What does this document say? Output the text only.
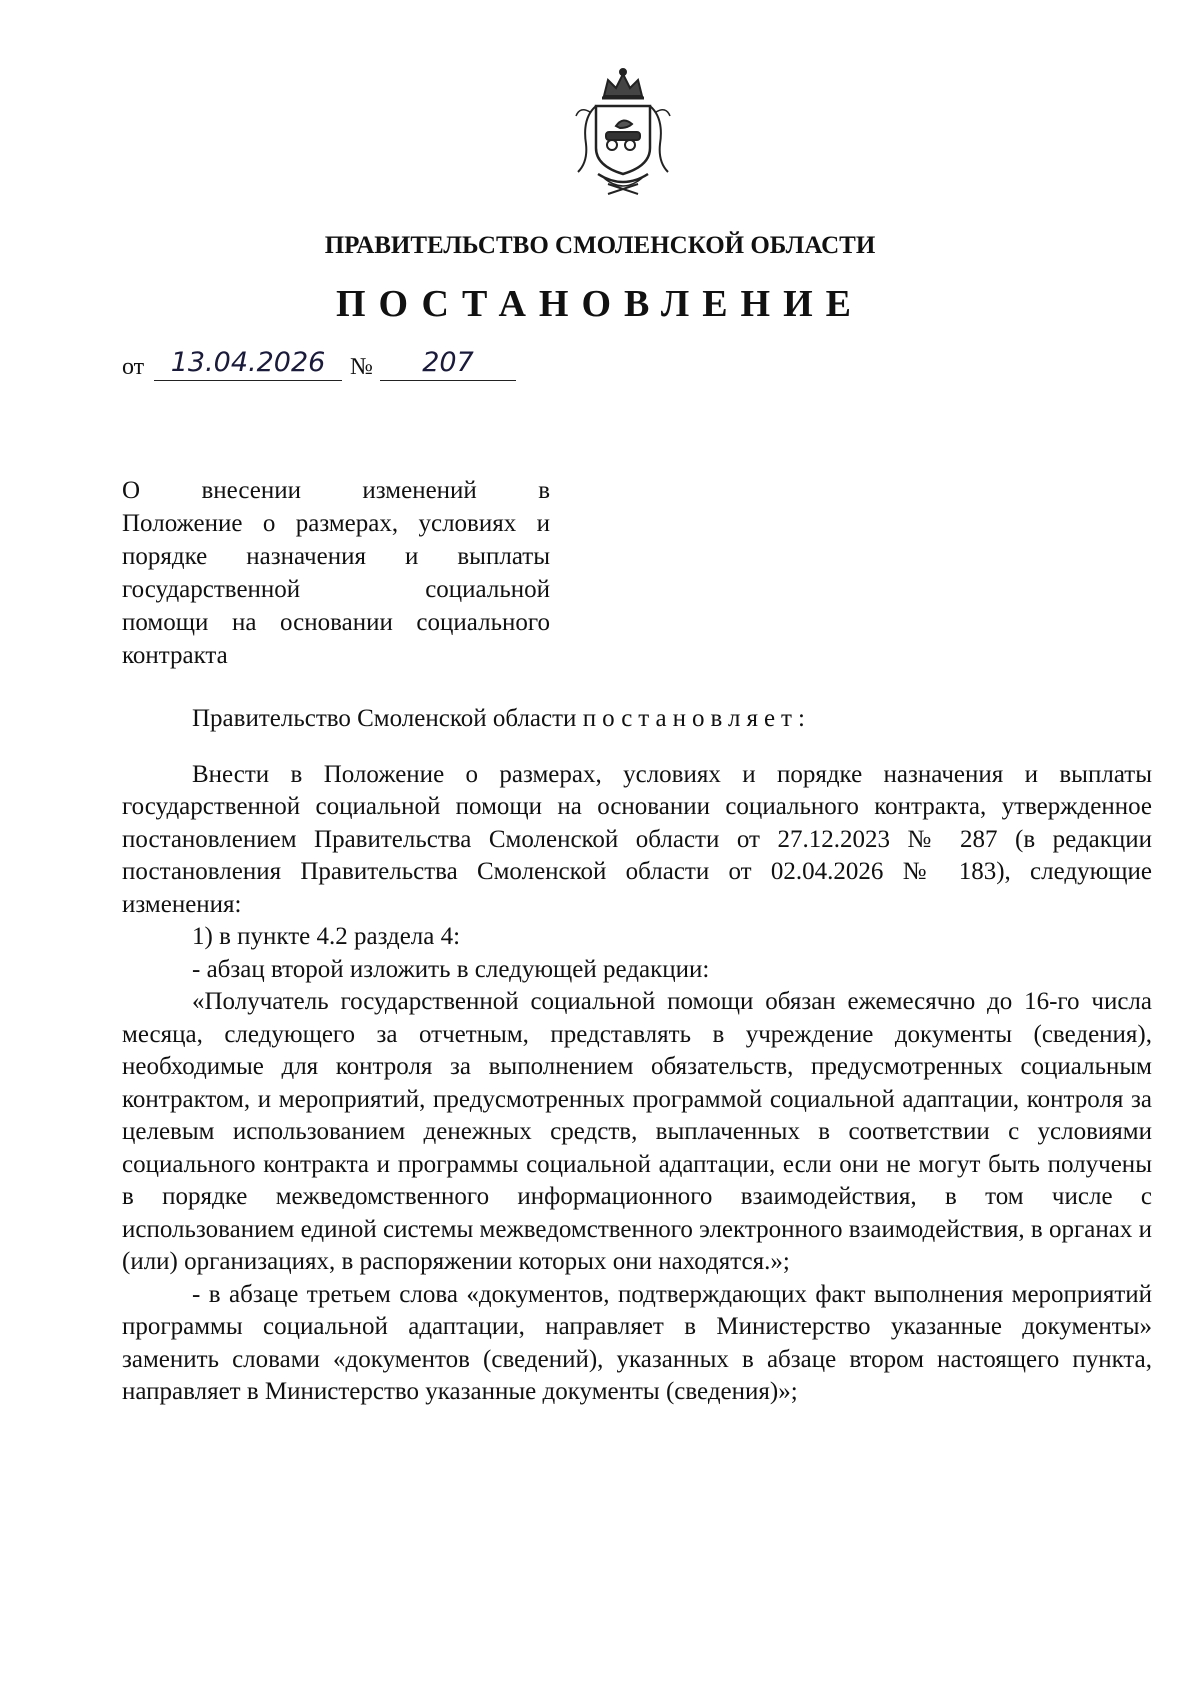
ПРАВИТЕЛЬСТВО СМОЛЕНСКОЙ ОБЛАСТИ
ПОСТАНОВЛЕНИЕ
от 13.04.2026	№	207
О внесении изменений в
Положение о размерах, условиях и
порядке назначения и выплаты
государственной социальной
помощи на основании социального
контракта

Правительство Смоленской области постановляет:

Внести в Положение о размерах, условиях и порядке назначения и выплаты государственной социальной помощи на основании социального контракта, утвержденное постановлением Правительства Смоленской области от 27.12.2023 № 287 (в редакции постановления Правительства Смоленской области от 02.04.2026 № 183), следующие изменения:

1) в пункте 4.2 раздела 4:

- абзац второй изложить в следующей редакции:

«Получатель государственной социальной помощи обязан ежемесячно до 16-го числа месяца, следующего за отчетным, представлять в учреждение документы (сведения), необходимые для контроля за выполнением обязательств, предусмотренных социальным контрактом, и мероприятий, предусмотренных программой социальной адаптации, контроля за целевым использованием денежных средств, выплаченных в соответствии с условиями социального контракта и программы социальной адаптации, если они не могут быть получены в порядке межведомственного информационного взаимодействия, в том числе с использованием единой системы межведомственного электронного взаимодействия, в органах и (или) организациях, в распоряжении которых они находятся.»;

- в абзаце третьем слова «документов, подтверждающих факт выполнения мероприятий программы социальной адаптации, направляет в Министерство указанные документы» заменить словами «документов (сведений), указанных в абзаце втором настоящего пункта, направляет в Министерство указанные документы (сведения)»;
